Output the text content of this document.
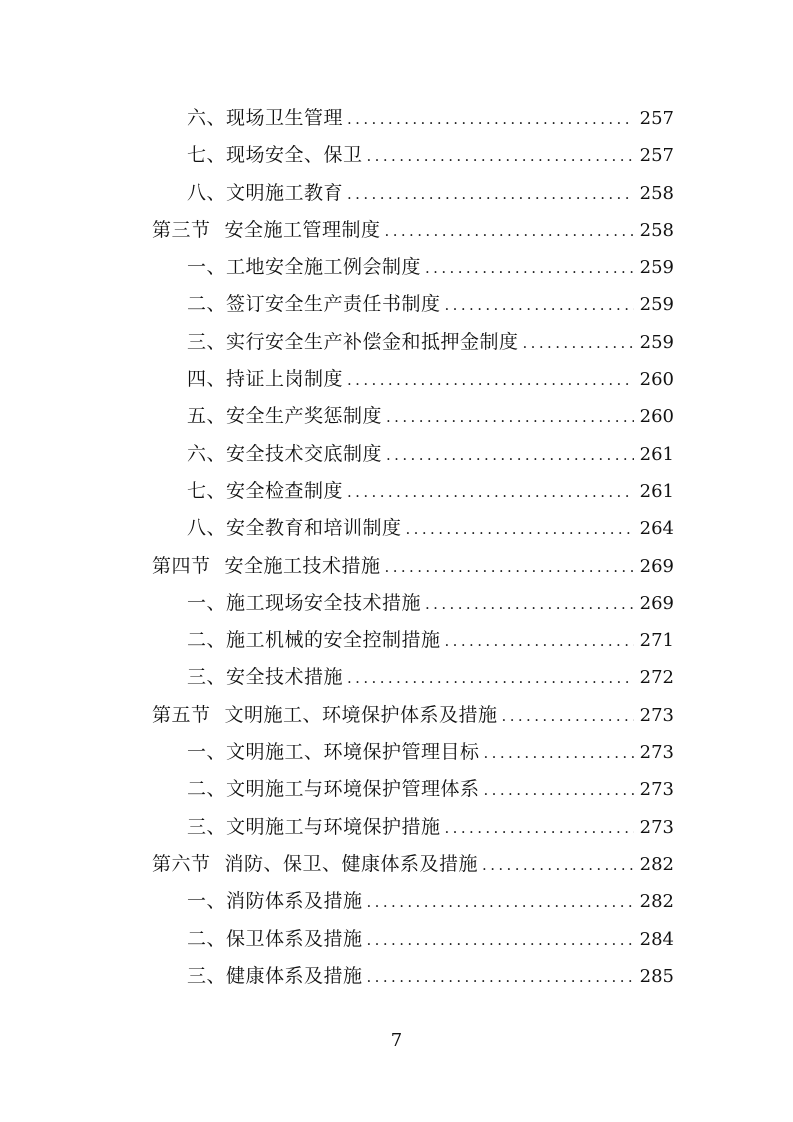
六、现场卫生管理 .....	257
七、现场安全、保卫 .....	257
八、文明施工教育 .....	258
第三节 安全施工管理制度 .....	258
一、工地安全施工例会制度 .....	259
二、签订安全生产责任书制度 .....	259
三、实行安全生产补偿金和抵押金制度 .....	259
四、持证上岗制度 .....	260
五、安全生产奖惩制度 .....	260
六、安全技术交底制度 .....	261
七、安全检查制度 .....	261
八、安全教育和培训制度 .....	264
第四节 安全施工技术措施 .....	269
一、施工现场安全技术措施 .....	269
二、施工机械的安全控制措施 .....	271
三、安全技术措施 .....	272
第五节 文明施工、环境保护体系及措施 .....	273
一、文明施工、环境保护管理目标 .....	273
二、文明施工与环境保护管理体系 .....	273
三、文明施工与环境保护措施 .....	273
第六节 消防、保卫、健康体系及措施 .....	282
一、消防体系及措施 .....	282
二、保卫体系及措施 .....	284
三、健康体系及措施 .....	285
7
